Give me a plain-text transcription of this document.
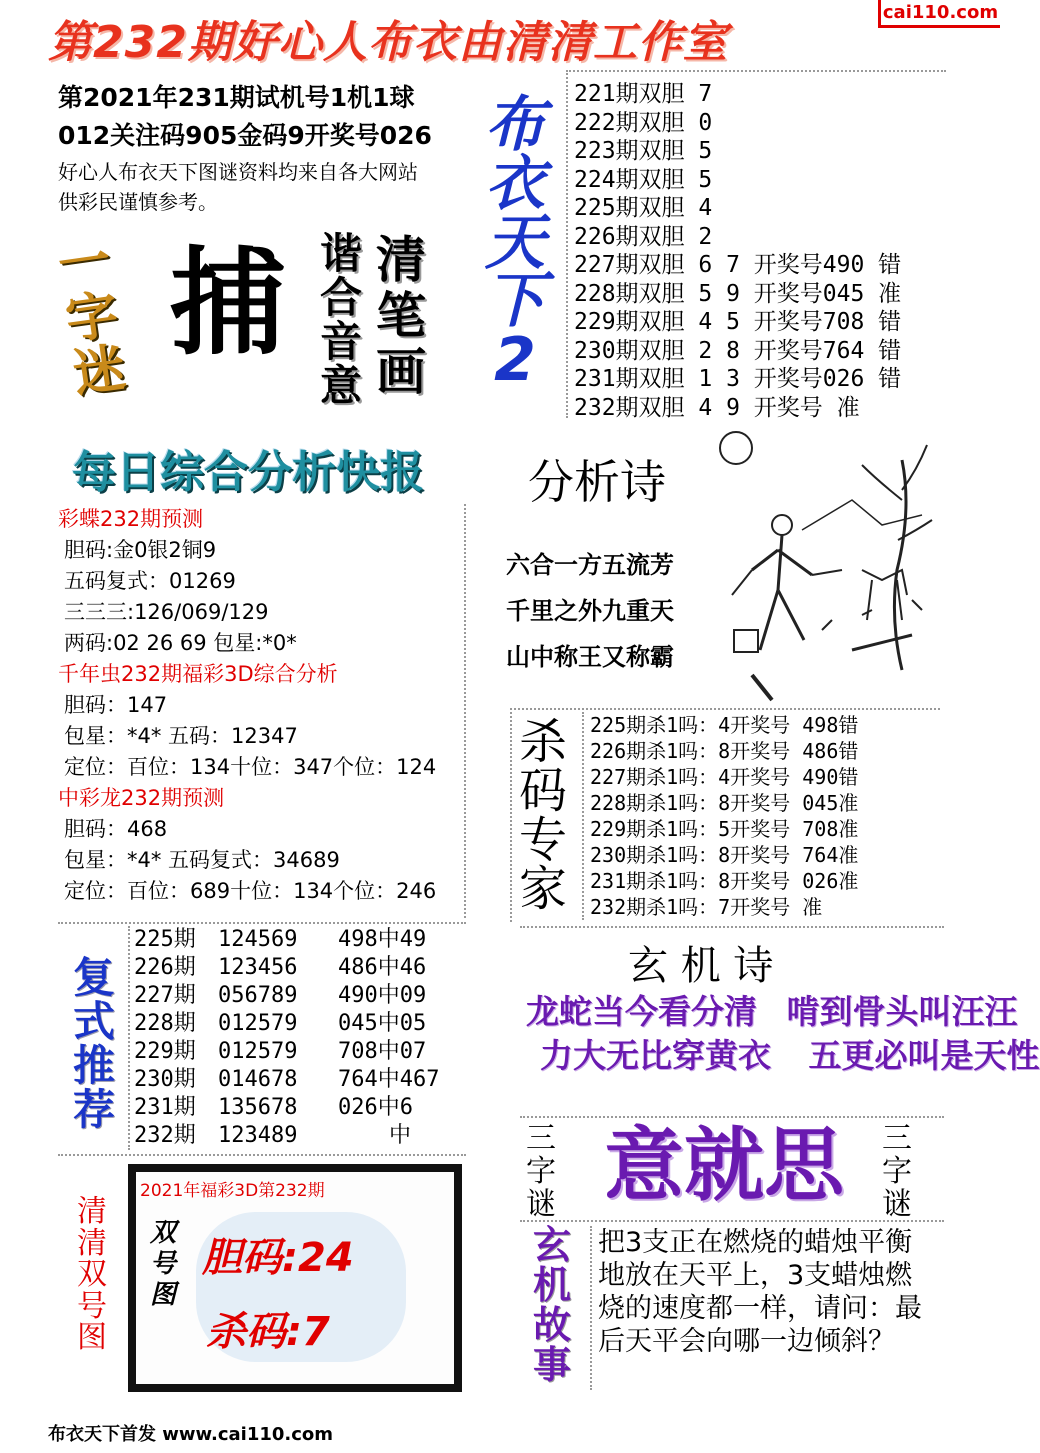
第232期好心人布衣由清清工作室
cai110.com
第2021年231期试机号1机1球
012关注码905金码9开奖号026
好心人布衣天下图谜资料均来自各大网站
供彩民谨慎参考。
布
衣
天
下
2
221期双胆 7
222期双胆 0
223期双胆 5
224期双胆 5
225期双胆 4
226期双胆 2
227期双胆 6 7 开奖号490 错
228期双胆 5 9 开奖号045 准
229期双胆 4 5 开奖号708 错
230期双胆 2 8 开奖号764 错
231期双胆 1 3 开奖号026 错
232期双胆 4 9 开奖号 准
一
字
迷
捕 谐
合
音
意
清
笔
画
每日综合分析快报
彩蝶232期预测
胆码:金0银2铜9
五码复式：01269
三三三:126/069/129
两码:02 26 69 包星:*0*
千年虫232期福彩3D综合分析
胆码：147
包星：*4* 五码：12347
定位：百位：134十位：347个位：124
中彩龙232期预测
胆码：468
包星：*4* 五码复式：34689
定位：百位：689十位：134个位：246
分析诗
六合一方五流芳
千里之外九重天
山中称王又称霸
杀
码
专
家
225期杀1吗：4开奖号 498错
226期杀1吗：8开奖号 486错
227期杀1吗：4开奖号 490错
228期杀1吗：8开奖号 045准
229期杀1吗：5开奖号 708准
230期杀1吗：8开奖号 764准
231期杀1吗：8开奖号 026准
232期杀1吗：7开奖号 准
复
式
推
荐
225期	124569	498中49
226期	123456	486中46
227期	056789	490中09
228期	012579	045中05
229期	012579	708中07
230期	014678	764中467
231期	135678	026中6
232期	123489	中
玄 机 诗
龙蛇当今看分清 啃到骨头叫汪汪
力大无比穿黄衣 五更必叫是天性
三
字
谜 意就思 三
字
谜
清
清
双
号
图
2021年福彩3D第232期
双
号
图
胆码:24
杀码:7
玄
机
故
事
把3支正在燃烧的蜡烛平衡地放在天平上，3支蜡烛燃烧的速度都一样，请问：最后天平会向哪一边倾斜？
布衣天下首发 www.cai110.com
